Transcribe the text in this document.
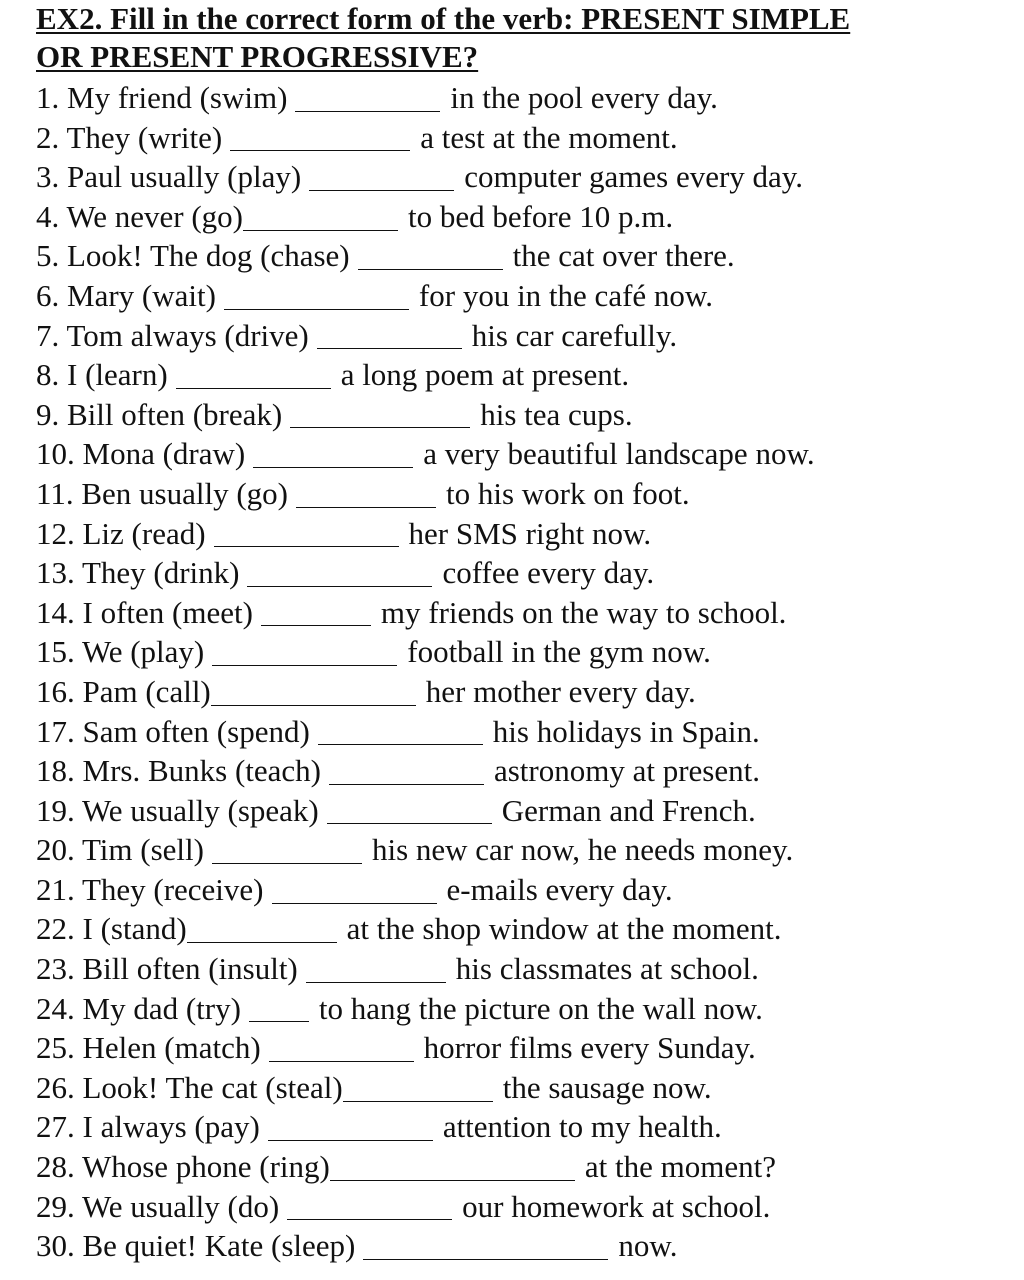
EX2. Fill in the correct form of the verb: PRESENT SIMPLE
OR PRESENT PROGRESSIVE?
1. My friend (swim)	in the pool every day.
2. They (write)	a test at the moment.
3. Paul usually (play)	computer games every day.
4. We never (go)	to bed before 10 p.m.
5. Look! The dog (chase)	the cat over there.
6. Mary (wait)	for you in the café now.
7. Tom always (drive)	his car carefully.
8. I (learn)	a long poem at present.
9. Bill often (break)	his tea cups.
10. Mona (draw)	a very beautiful landscape now.
11. Ben usually (go)	to his work on foot.
12. Liz (read)	her SMS right now.
13. They (drink)	coffee every day.
14. I often (meet)	my friends on the way to school.
15. We (play)	football in the gym now.
16. Pam (call)	her mother every day.
17. Sam often (spend)	his holidays in Spain.
18. Mrs. Bunks (teach)	astronomy at present.
19. We usually (speak)	German and French.
20. Tim (sell)	his new car now, he needs money.
21. They (receive)	e-mails every day.
22. I (stand)	at the shop window at the moment.
23. Bill often (insult)	his classmates at school.
24. My dad (try)	to hang the picture on the wall now.
25. Helen (match)	horror films every Sunday.
26. Look! The cat (steal)	the sausage now.
27. I always (pay)	attention to my health.
28. Whose phone (ring)	at the moment?
29. We usually (do)	our homework at school.
30. Be quiet! Kate (sleep)	now.
